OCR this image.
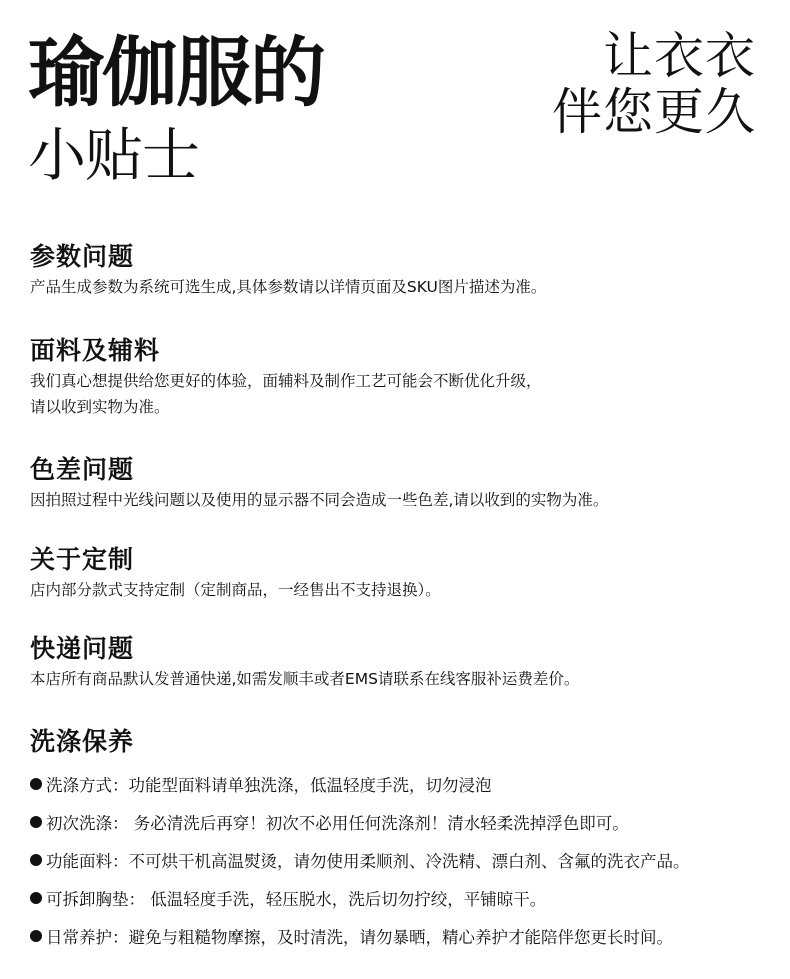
瑜伽服的
小贴士
让衣衣
伴您更久
参数问题

产品生成参数为系统可选生成,具体参数请以详情页面及SKU图片描述为准。

面料及辅料

我们真心想提供给您更好的体验，面辅料及制作工艺可能会不断优化升级，

请以收到实物为准。

色差问题

因拍照过程中光线问题以及使用的显示器不同会造成一些色差,请以收到的实物为准。

关于定制

店内部分款式支持定制（定制商品，一经售出不支持退换）。

快递问题

本店所有商品默认发普通快递,如需发顺丰或者EMS请联系在线客服补运费差价。

洗涤保养
洗涤方式：功能型面料请单独洗涤，低温轻度手洗，切勿浸泡
初次洗涤： 务必清洗后再穿！初次不必用任何洗涤剂！清水轻柔洗掉浮色即可。
功能面料：不可烘干机高温熨烫，请勿使用柔顺剂、冷洗精、漂白剂、含氟的洗衣产品。
可拆卸胸垫： 低温轻度手洗，轻压脱水，洗后切勿拧绞，平铺晾干。
日常养护：避免与粗糙物摩擦，及时清洗，请勿暴晒，精心养护才能陪伴您更长时间。
